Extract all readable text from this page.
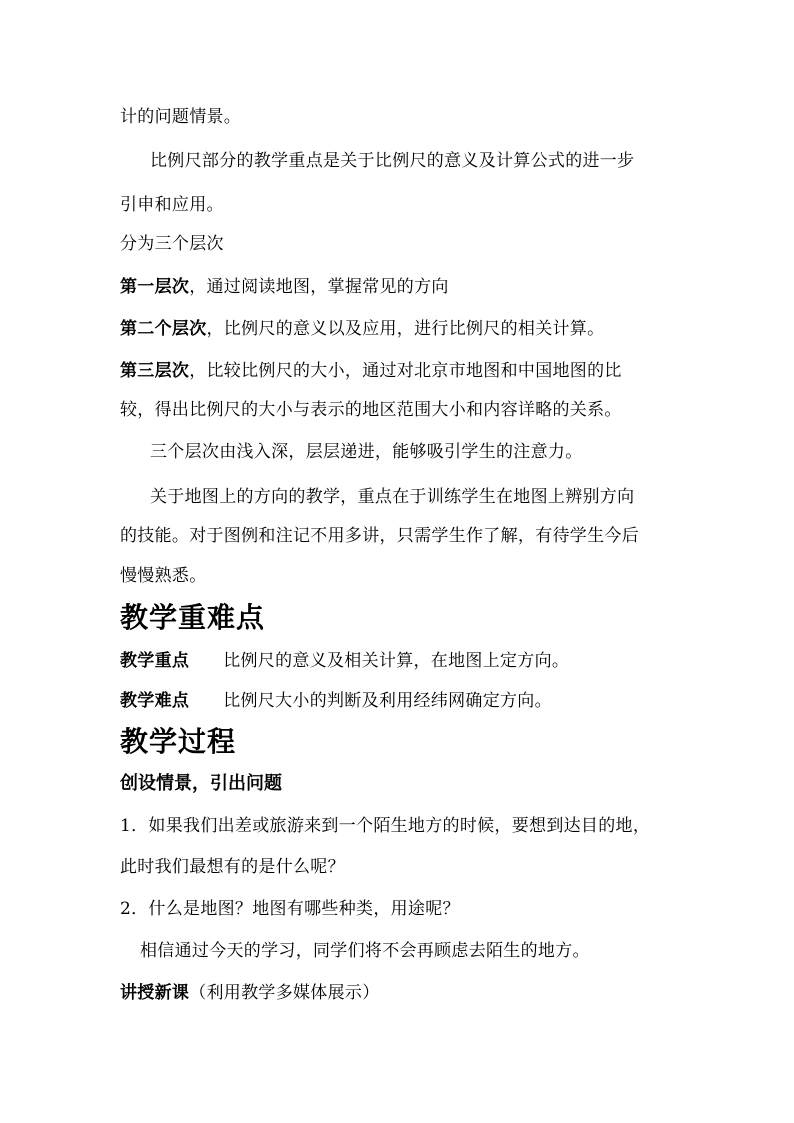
计的问题情景。
比例尺部分的教学重点是关于比例尺的意义及计算公式的进一步
引申和应用。
分为三个层次
第一层次，通过阅读地图，掌握常见的方向
第二个层次，比例尺的意义以及应用，进行比例尺的相关计算。
第三层次，比较比例尺的大小，通过对北京市地图和中国地图的比
较，得出比例尺的大小与表示的地区范围大小和内容详略的关系。
三个层次由浅入深，层层递进，能够吸引学生的注意力。
关于地图上的方向的教学，重点在于训练学生在地图上辨别方向
的技能。对于图例和注记不用多讲，只需学生作了解，有待学生今后
慢慢熟悉。
教学重难点
教学重点 比例尺的意义及相关计算，在地图上定方向。
教学难点 比例尺大小的判断及利用经纬网确定方向。
教学过程
创设情景，引出问题
1．如果我们出差或旅游来到一个陌生地方的时候，要想到达目的地，
此时我们最想有的是什么呢？
2．什么是地图？地图有哪些种类，用途呢？
相信通过今天的学习，同学们将不会再顾虑去陌生的地方。
讲授新课（利用教学多媒体展示）
